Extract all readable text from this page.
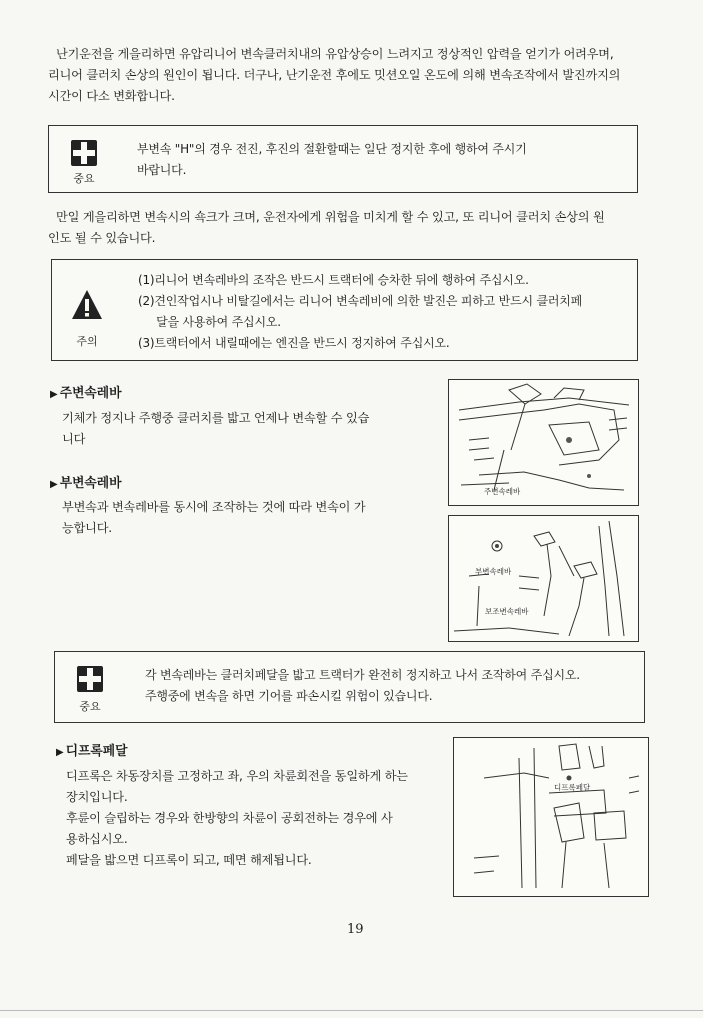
난기운전을 게을리하면 유압리니어 변속클러치내의 유압상승이 느려지고 정상적인 압력을 얻기가 어려우며,
리니어 클러치 손상의 원인이 됩니다. 더구나, 난기운전 후에도 밋션오일 온도에 의해 변속조작에서 발진까지의
시간이 다소 변화합니다.
중요
부변속 "H"의 경우 전진, 후진의 절환할때는 일단 정지한 후에 행하여 주시기
바랍니다.
만일 게을리하면 변속시의 쇽크가 크며, 운전자에게 위험을 미치게 할 수 있고, 또 리니어 클러치 손상의 원
인도 될 수 있습니다.
주의
(1)리니어 변속레바의 조작은 반드시 트랙터에 승차한 뒤에 행하여 주십시오.
(2)견인작업시나 비탈길에서는 리니어 변속레비에 의한 발진은 피하고 반드시 클러치페
달을 사용하여 주십시오.
(3)트랙터에서 내릴때에는 엔진을 반드시 정지하여 주십시오.
▶ 주변속레바
기체가 정지나 주행중 클러치를 밟고 언제나 변속할 수 있습
니다
주변속레바
▶ 부변속레바
부변속과 변속레바를 동시에 조작하는 것에 따라 변속이 가
능합니다.
부변속레바
보조변속레바
중요
각 변속레바는 클러치페달을 밟고 트랙터가 완전히 정지하고 나서 조작하여 주십시오.
주행중에 변속을 하면 기어를 파손시킬 위험이 있습니다.
▶ 디프록페달
디프록은 차동장치를 고정하고 좌, 우의 차륜회전을 동일하게 하는
장치입니다.
후륜이 슬립하는 경우와 한방향의 차륜이 공회전하는 경우에 사
용하십시오.
페달을 밟으면 디프록이 되고, 떼면 해제됩니다.
디프록페달
19
